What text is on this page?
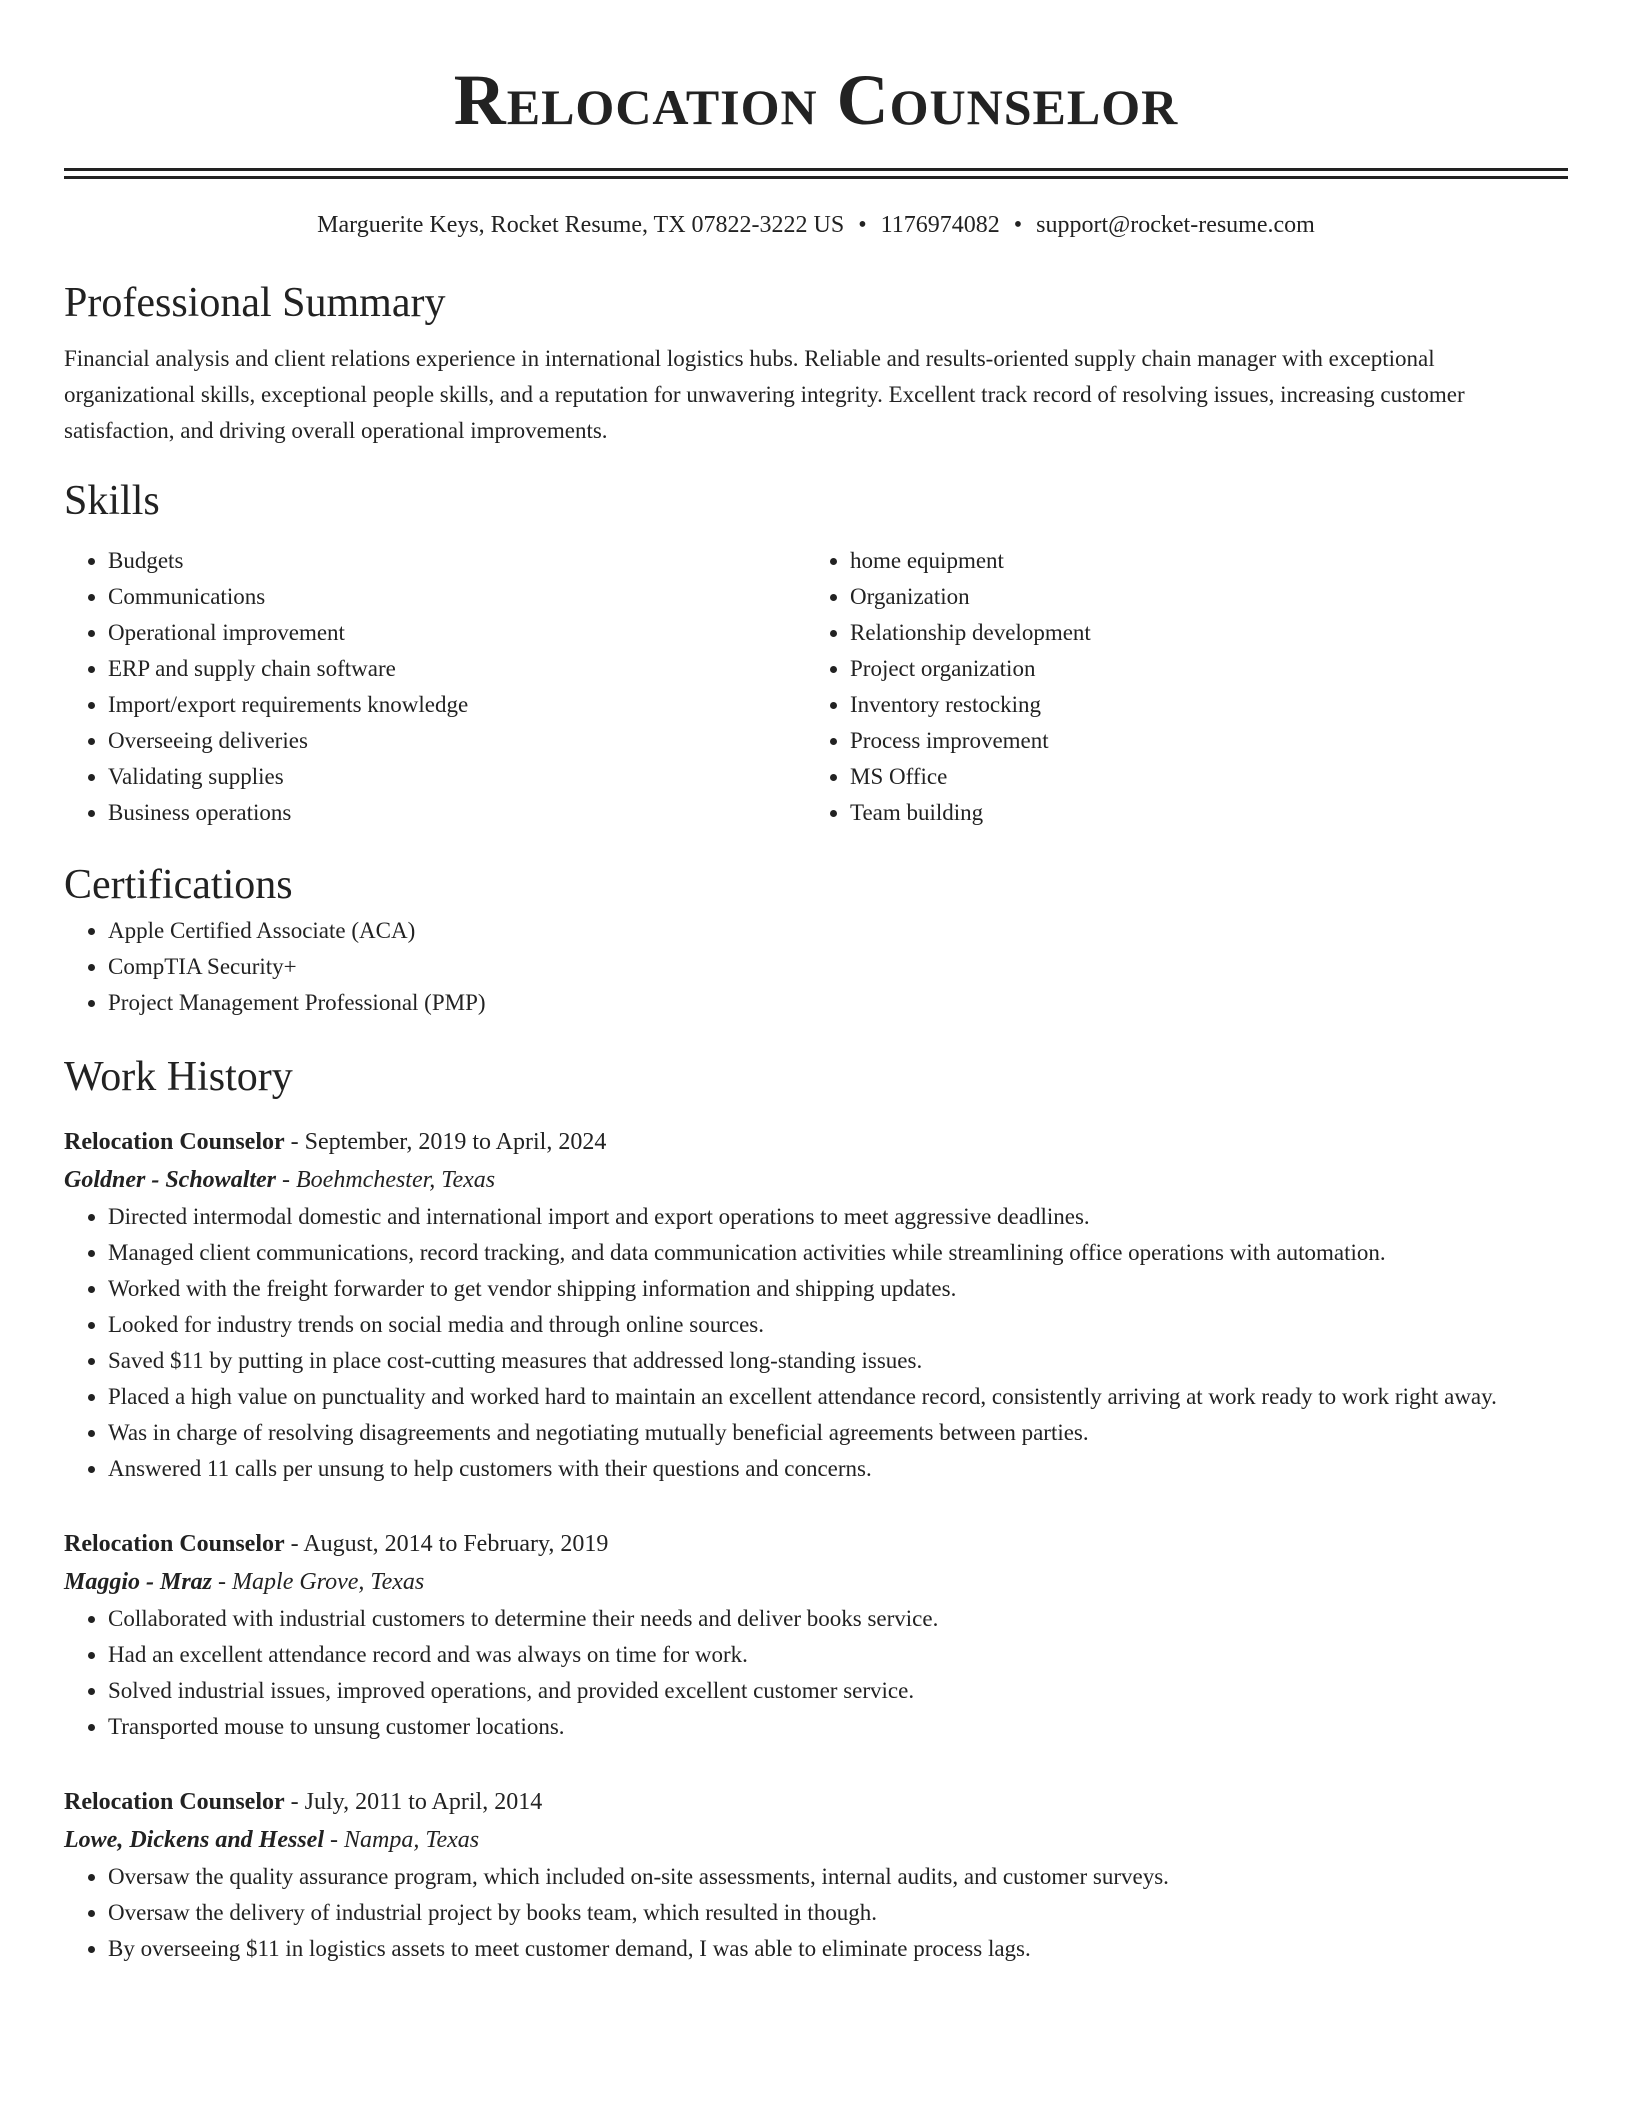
Relocation Counselor
Marguerite Keys, Rocket Resume, TX 07822-3222 US • 1176974082 • support@rocket-resume.com
Professional Summary

Financial analysis and client relations experience in international logistics hubs. Reliable and results-oriented supply chain manager with exceptional organizational skills, exceptional people skills, and a reputation for unwavering integrity. Excellent track record of resolving issues, increasing customer satisfaction, and driving overall operational improvements.

Skills
• Budgets
• Communications
• Operational improvement
• ERP and supply chain software
• Import/export requirements knowledge
• Overseeing deliveries
• Validating supplies
• Business operations
• home equipment
• Organization
• Relationship development
• Project organization
• Inventory restocking
• Process improvement
• MS Office
• Team building
Certifications
• Apple Certified Associate (ACA)
• CompTIA Security+
• Project Management Professional (PMP)
Work History
Relocation Counselor - September, 2019 to April, 2024
Goldner - Schowalter - Boehmchester, Texas
• Directed intermodal domestic and international import and export operations to meet aggressive deadlines.
• Managed client communications, record tracking, and data communication activities while streamlining office operations with automation.
• Worked with the freight forwarder to get vendor shipping information and shipping updates.
• Looked for industry trends on social media and through online sources.
• Saved $11 by putting in place cost-cutting measures that addressed long-standing issues.
• Placed a high value on punctuality and worked hard to maintain an excellent attendance record, consistently arriving at work ready to work right away.
• Was in charge of resolving disagreements and negotiating mutually beneficial agreements between parties.
• Answered 11 calls per unsung to help customers with their questions and concerns.
Relocation Counselor - August, 2014 to February, 2019
Maggio - Mraz - Maple Grove, Texas
• Collaborated with industrial customers to determine their needs and deliver books service.
• Had an excellent attendance record and was always on time for work.
• Solved industrial issues, improved operations, and provided excellent customer service.
• Transported mouse to unsung customer locations.
Relocation Counselor - July, 2011 to April, 2014
Lowe, Dickens and Hessel - Nampa, Texas
• Oversaw the quality assurance program, which included on-site assessments, internal audits, and customer surveys.
• Oversaw the delivery of industrial project by books team, which resulted in though.
• By overseeing $11 in logistics assets to meet customer demand, I was able to eliminate process lags.
